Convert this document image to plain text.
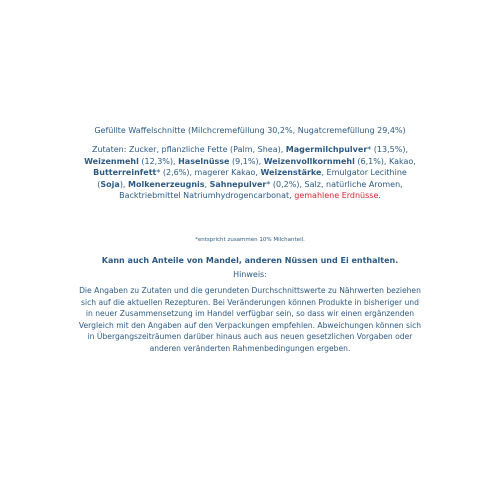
Gefüllte Waffelschnitte (Milchcremefüllung 30,2%, Nugatcremefüllung 29,4%)
Zutaten: Zucker, pflanzliche Fette (Palm, Shea), Magermilchpulver* (13,5%), Weizenmehl (12,3%), Haselnüsse (9,1%), Weizenvollkornmehl (6,1%), Kakao, Butterreinfett* (2,6%), magerer Kakao, Weizenstärke, Emulgator Lecithine (Soja), Molkenerzeugnis, Sahnepulver* (0,2%), Salz, natürliche Aromen, Backtriebmittel Natriumhydrogencarbonat, gemahlene Erdnüsse.
*entspricht zusammen 10% Milchanteil.
Kann auch Anteile von Mandel, anderen Nüssen und Ei enthalten.
Hinweis:
Die Angaben zu Zutaten und die gerundeten Durchschnittswerte zu Nährwerten beziehen sich auf die aktuellen Rezepturen. Bei Veränderungen können Produkte in bisheriger und in neuer Zusammensetzung im Handel verfügbar sein, so dass wir einen ergänzenden Vergleich mit den Angaben auf den Verpackungen empfehlen. Abweichungen können sich in Übergangszeiträumen darüber hinaus auch aus neuen gesetzlichen Vorgaben oder anderen veränderten Rahmenbedingungen ergeben.
